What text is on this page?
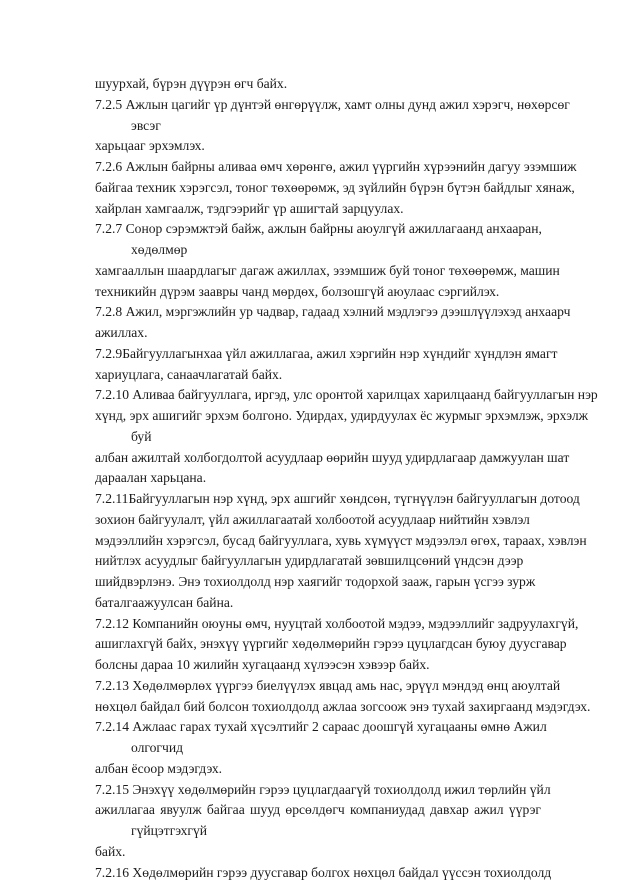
шуурхай, бүрэн дүүрэн өгч байх.
7.2.5 Ажлын цагийг үр дүнтэй өнгөрүүлж, хамт олны дунд ажил хэрэгч, нөхөрсөг
эвсэг
харьцааг эрхэмлэх.
7.2.6 Ажлын байрны аливаа өмч хөрөнгө, ажил үүргийн хүрээнийн дагуу эзэмшиж
байгаа техник хэрэгсэл, тоног төхөөрөмж, эд зүйлийн бүрэн бүтэн байдлыг хянаж,
хайрлан хамгаалж, тэдгээрийг үр ашигтай зарцуулах.
7.2.7 Сонор сэрэмжтэй байж, ажлын байрны аюулгүй ажиллагаанд анхааран,
хөдөлмөр
хамгааллын шаардлагыг дагаж ажиллах, эзэмшиж буй тоног төхөөрөмж, машин
техникийн дүрэм заавры чанд мөрдөх, болзошгүй аюулаас сэргийлэх.
7.2.8 Ажил, мэргэжлийн ур чадвар, гадаад хэлний мэдлэгээ дээшлүүлэхэд анхаарч
ажиллах.
7.2.9Байгууллагынхаа үйл ажиллагаа, ажил хэргийн нэр хүндийг хүндлэн ямагт
хариуцлага, санаачлагатай байх.
7.2.10 Аливаа байгууллага, иргэд, улс оронтой харилцах харилцаанд байгууллагын нэр
хүнд, эрх ашигийг эрхэм болгоно. Удирдах, удирдуулах ёс журмыг эрхэмлэж, эрхэлж
буй
албан ажилтай холбогдолтой асуудлаар өөрийн шууд удирдлагаар дамжуулан шат
дараалан харьцана.
7.2.11Байгууллагын нэр хүнд, эрх ашгийг хөндсөн, түгнүүлэн байгууллагын дотоод
зохион байгуулалт, үйл ажиллагаатай холбоотой асуудлаар нийтийн хэвлэл
мэдээллийн хэрэгсэл, бусад байгууллага, хувь хүмүүст мэдээлэл өгөх, тараах, хэвлэн
нийтлэх асуудлыг байгууллагын удирдлагатай зөвшилцсөний үндсэн дээр
шийдвэрлэнэ. Энэ тохиолдолд нэр хаягийг тодорхой зааж, гарын үсгээ зурж
баталгаажуулсан байна.
7.2.12 Компанийн оюуны өмч, нууцтай холбоотой мэдээ, мэдээллийг задруулахгүй,
ашиглахгүй байх, энэхүү үүргийг хөдөлмөрийн гэрээ цуцлагдсан буюу дуусгавар
болсны дараа 10 жилийн хугацаанд хүлээсэн хэвээр байх.
7.2.13 Хөдөлмөрлөх үүргээ биелүүлэх явцад амь нас, эрүүл мэндэд өнц аюултай
нөхцөл байдал бий болсон тохиолдолд ажлаа зогсоож энэ тухай захиргаанд мэдэгдэх.
7.2.14 Ажлаас гарах тухай хүсэлтийг 2 сараас доошгүй хугацааны өмнө Ажил
олгогчид
албан ёсоор мэдэгдэх.
7.2.15 Энэхүү хөдөлмөрийн гэрээ цуцлагдаагүй тохиолдолд ижил төрлийн үйл
ажиллагаа явуулж байгаа шууд өрсөлдөгч компаниудад давхар ажил үүрэг
гүйцэтгэхгүй
байх.
7.2.16 Хөдөлмөрийн гэрээ дуусгавар болгох нөхцөл байдал үүссэн тохиолдолд
